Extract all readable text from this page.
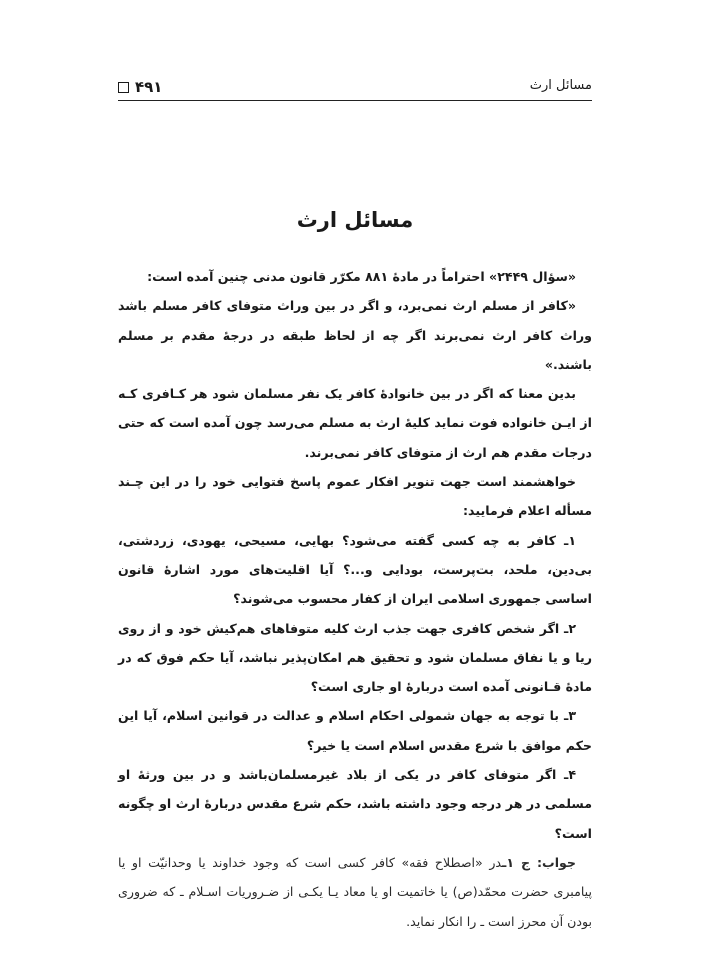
۴۹۱	مسائل ارث
مسائل ارث

«سؤال ۲۴۴۹» احتراماً در مادهٔ ۸۸۱ مکرّر قانون مدنی چنین آمده است:

«کافر از مسلم ارث نمی‌برد، و اگر در بین وراث متوفای کافر مسلم باشد وراث کافر ارث نمی‌برند اگر چه از لحاظ طبقه در درجهٔ مقدم بر مسلم باشند.»

بدین معنا که اگر در بین خانوادهٔ کافر یک نفر مسلمان شود هر کـافری کـه از ایـن خانواده فوت نماید کلیهٔ ارث به مسلم می‌رسد چون آمده است که حتی درجات مقدم هم ارث از متوفای کافر نمی‌برند.

خواهشمند است جهت تنویر افکار عموم پاسخ فتوایی خود را در این چـند مسأله اعلام فرمایید:

۱ـ کافر به چه کسی گفته می‌شود؟ بهایی، مسیحی، یهودی، زردشتی، بی‌دین، ملحد، بت‌پرست، بودایی و...؟ آیا اقلیت‌های مورد اشارهٔ قانون اساسی جمهوری اسلامی ایران از کفار محسوب می‌شوند؟

۲ـ اگر شخص کافری جهت جذب ارث کلیه متوفاهای هم‌کیش خود و از روی ریا و یا نفاق مسلمان شود و تحقیق هم امکان‌پذیر نباشد، آیا حکم فوق که در مادهٔ قـانونی آمده است دربارهٔ او جاری است؟

۳ـ با توجه به جهان شمولی احکام اسلام و عدالت در قوانین اسلام، آیا این حکم موافق با شرع مقدس اسلام است یا خیر؟

۴ـ اگر متوفای کافر در یکی از بلاد غیرمسلمان‌باشد و در بین ورثهٔ او مسلمی در هر درجه وجود داشته باشد، حکم شرع مقدس دربارهٔ ارث او چگونه است؟

جواب: ج ۱ـدر «اصطلاح فقه» کافر کسی است که وجود خداوند یا وحدانیّت او یا پیامبری حضرت محمّد(ص) یا خاتمیت او یا معاد یـا یکـی از ضـروریات اسـلام ـ که ضروری بودن آن محرز است ـ را انکار نماید.
